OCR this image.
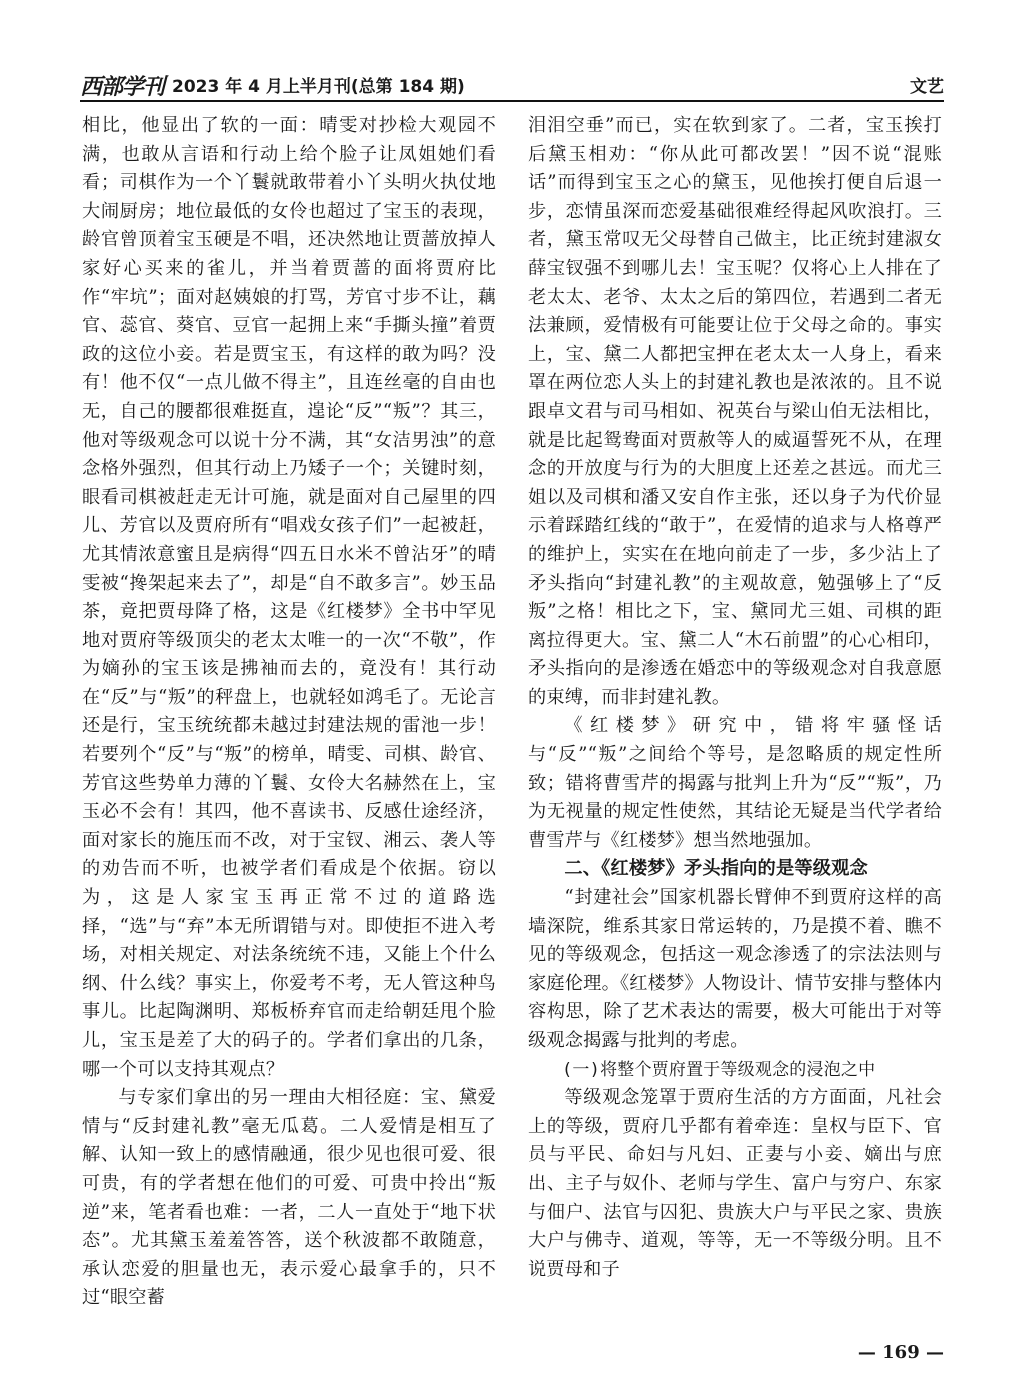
西部学刊 2023 年 4 月上半月刊(总第 184 期)	文艺

相比，他显出了软的一面：晴雯对抄检大观园不满，也敢从言语和行动上给个脸子让凤姐她们看看；司棋作为一个丫鬟就敢带着小丫头明火执仗地大闹厨房；地位最低的女伶也超过了宝玉的表现，龄官曾顶着宝玉硬是不唱，还决然地让贾蔷放掉人家好心买来的雀儿，并当着贾蔷的面将贾府比作“牢坑”；面对赵姨娘的打骂，芳官寸步不让，藕官、蕊官、葵官、豆官一起拥上来“手撕头撞”着贾政的这位小妾。若是贾宝玉，有这样的敢为吗？没有！他不仅“一点儿做不得主”，且连丝毫的自由也无，自己的腰都很难挺直，遑论“反”“叛”？其三，他对等级观念可以说十分不满，其“女洁男浊”的意念格外强烈，但其行动上乃矮子一个；关键时刻，眼看司棋被赶走无计可施，就是面对自己屋里的四儿、芳官以及贾府所有“唱戏女孩子们”一起被赶，尤其情浓意蜜且是病得“四五日水米不曾沾牙”的晴雯被“搀架起来去了”，却是“自不敢多言”。妙玉品茶，竟把贾母降了格，这是《红楼梦》全书中罕见地对贾府等级顶尖的老太太唯一的一次“不敬”，作为嫡孙的宝玉该是拂袖而去的，竟没有！其行动在“反”与“叛”的秤盘上，也就轻如鸿毛了。无论言还是行，宝玉统统都未越过封建法规的雷池一步！若要列个“反”与“叛”的榜单，晴雯、司棋、龄官、芳官这些势单力薄的丫鬟、女伶大名赫然在上，宝玉必不会有！其四，他不喜读书、反感仕途经济，面对家长的施压而不改，对于宝钗、湘云、袭人等的劝告而不听，也被学者们看成是个依据。窃以为，这是人家宝玉再正常不过的道路选择，“选”与“弃”本无所谓错与对。即使拒不进入考场，对相关规定、对法条统统不违，又能上个什么纲、什么线？事实上，你爱考不考，无人管这种鸟事儿。比起陶渊明、郑板桥弃官而走给朝廷甩个脸儿，宝玉是差了大的码子的。学者们拿出的几条，哪一个可以支持其观点？

与专家们拿出的另一理由大相径庭：宝、黛爱情与“反封建礼教”毫无瓜葛。二人爱情是相互了解、认知一致上的感情融通，很少见也很可爱、很可贵，有的学者想在他们的可爱、可贵中拎出“叛逆”来，笔者看也难：一者，二人一直处于“地下状态”。尤其黛玉羞羞答答，送个秋波都不敢随意，承认恋爱的胆量也无，表示爱心最拿手的，只不过“眼空蓄

泪泪空垂”而已，实在软到家了。二者，宝玉挨打后黛玉相劝：“你从此可都改罢！”因不说“混账话”而得到宝玉之心的黛玉，见他挨打便自后退一步，恋情虽深而恋爱基础很难经得起风吹浪打。三者，黛玉常叹无父母替自己做主，比正统封建淑女薛宝钗强不到哪儿去！宝玉呢？仅将心上人排在了老太太、老爷、太太之后的第四位，若遇到二者无法兼顾，爱情极有可能要让位于父母之命的。事实上，宝、黛二人都把宝押在老太太一人身上，看来罩在两位恋人头上的封建礼教也是浓浓的。且不说跟卓文君与司马相如、祝英台与梁山伯无法相比，就是比起鸳鸯面对贾赦等人的威逼誓死不从，在理念的开放度与行为的大胆度上还差之甚远。而尤三姐以及司棋和潘又安自作主张，还以身子为代价显示着踩踏红线的“敢于”，在爱情的追求与人格尊严的维护上，实实在在地向前走了一步，多少沾上了矛头指向“封建礼教”的主观故意，勉强够上了“反叛”之格！相比之下，宝、黛同尤三姐、司棋的距离拉得更大。宝、黛二人“木石前盟”的心心相印，矛头指向的是渗透在婚恋中的等级观念对自我意愿的束缚，而非封建礼教。

《红楼梦》研究中，错将牢骚怪话与“反”“叛”之间给个等号，是忽略质的规定性所致；错将曹雪芹的揭露与批判上升为“反”“叛”，乃为无视量的规定性使然，其结论无疑是当代学者给曹雪芹与《红楼梦》想当然地强加。

二、《红楼梦》矛头指向的是等级观念

“封建社会”国家机器长臂伸不到贾府这样的高墙深院，维系其家日常运转的，乃是摸不着、瞧不见的等级观念，包括这一观念渗透了的宗法法则与家庭伦理。《红楼梦》人物设计、情节安排与整体内容构思，除了艺术表达的需要，极大可能出于对等级观念揭露与批判的考虑。

(一)将整个贾府置于等级观念的浸泡之中

等级观念笼罩于贾府生活的方方面面，凡社会上的等级，贾府几乎都有着牵连：皇权与臣下、官员与平民、命妇与凡妇、正妻与小妾、嫡出与庶出、主子与奴仆、老师与学生、富户与穷户、东家与佃户、法官与囚犯、贵族大户与平民之家、贵族大户与佛寺、道观，等等，无一不等级分明。且不说贾母和子

— 169 —
